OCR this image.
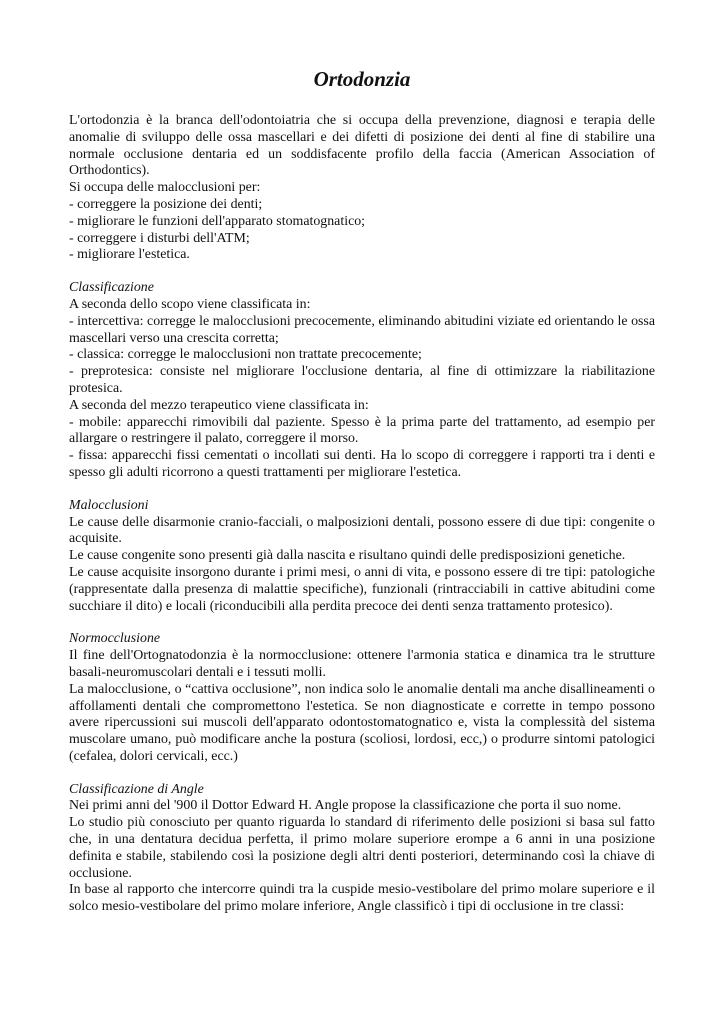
Ortodonzia

L'ortodonzia è la branca dell'odontoiatria che si occupa della prevenzione, diagnosi e terapia delle anomalie di sviluppo delle ossa mascellari e dei difetti di posizione dei denti al fine di stabilire una normale occlusione dentaria ed un soddisfacente profilo della faccia (American Association of Orthodontics).

Si occupa delle malocclusioni per:

- correggere la posizione dei denti;

- migliorare le funzioni dell'apparato stomatognatico;

- correggere i disturbi dell'ATM;

- migliorare l'estetica.

Classificazione

A seconda dello scopo viene classificata in:

- intercettiva: corregge le malocclusioni precocemente, eliminando abitudini viziate ed orientando le ossa mascellari verso una crescita corretta;

- classica: corregge le malocclusioni non trattate precocemente;

- preprotesica: consiste nel migliorare l'occlusione dentaria, al fine di ottimizzare la riabilitazione protesica.

A seconda del mezzo terapeutico viene classificata in:

- mobile: apparecchi rimovibili dal paziente. Spesso è la prima parte del trattamento, ad esempio per allargare o restringere il palato, correggere il morso.

- fissa: apparecchi fissi cementati o incollati sui denti. Ha lo scopo di correggere i rapporti tra i denti e spesso gli adulti ricorrono a questi trattamenti per migliorare l'estetica.

Malocclusioni

Le cause delle disarmonie cranio-facciali, o malposizioni dentali, possono essere di due tipi: congenite o acquisite.

Le cause congenite sono presenti già dalla nascita e risultano quindi delle predisposizioni genetiche.

Le cause acquisite insorgono durante i primi mesi, o anni di vita, e possono essere di tre tipi: patologiche (rappresentate dalla presenza di malattie specifiche), funzionali (rintracciabili in cattive abitudini come succhiare il dito) e locali (riconducibili alla perdita precoce dei denti senza trattamento protesico).

Normocclusione

Il fine dell'Ortognatodonzia è la normocclusione: ottenere l'armonia statica e dinamica tra le strutture basali-neuromuscolari dentali e i tessuti molli.

La malocclusione, o “cattiva occlusione”, non indica solo le anomalie dentali ma anche disallineamenti o affollamenti dentali che compromettono l'estetica. Se non diagnosticate e corrette in tempo possono avere ripercussioni sui muscoli dell'apparato odontostomatognatico e, vista la complessità del sistema muscolare umano, può modificare anche la postura (scoliosi, lordosi, ecc,) o produrre sintomi patologici (cefalea, dolori cervicali, ecc.)

Classificazione di Angle

Nei primi anni del '900 il Dottor Edward H. Angle propose la classificazione che porta il suo nome.

Lo studio più conosciuto per quanto riguarda lo standard di riferimento delle posizioni si basa sul fatto che, in una dentatura decidua perfetta, il primo molare superiore erompe a 6 anni in una posizione definita e stabile, stabilendo così la posizione degli altri denti posteriori, determinando così la chiave di occlusione.

In base al rapporto che intercorre quindi tra la cuspide mesio-vestibolare del primo molare superiore e il solco mesio-vestibolare del primo molare inferiore, Angle classificò i tipi di occlusione in tre classi:
